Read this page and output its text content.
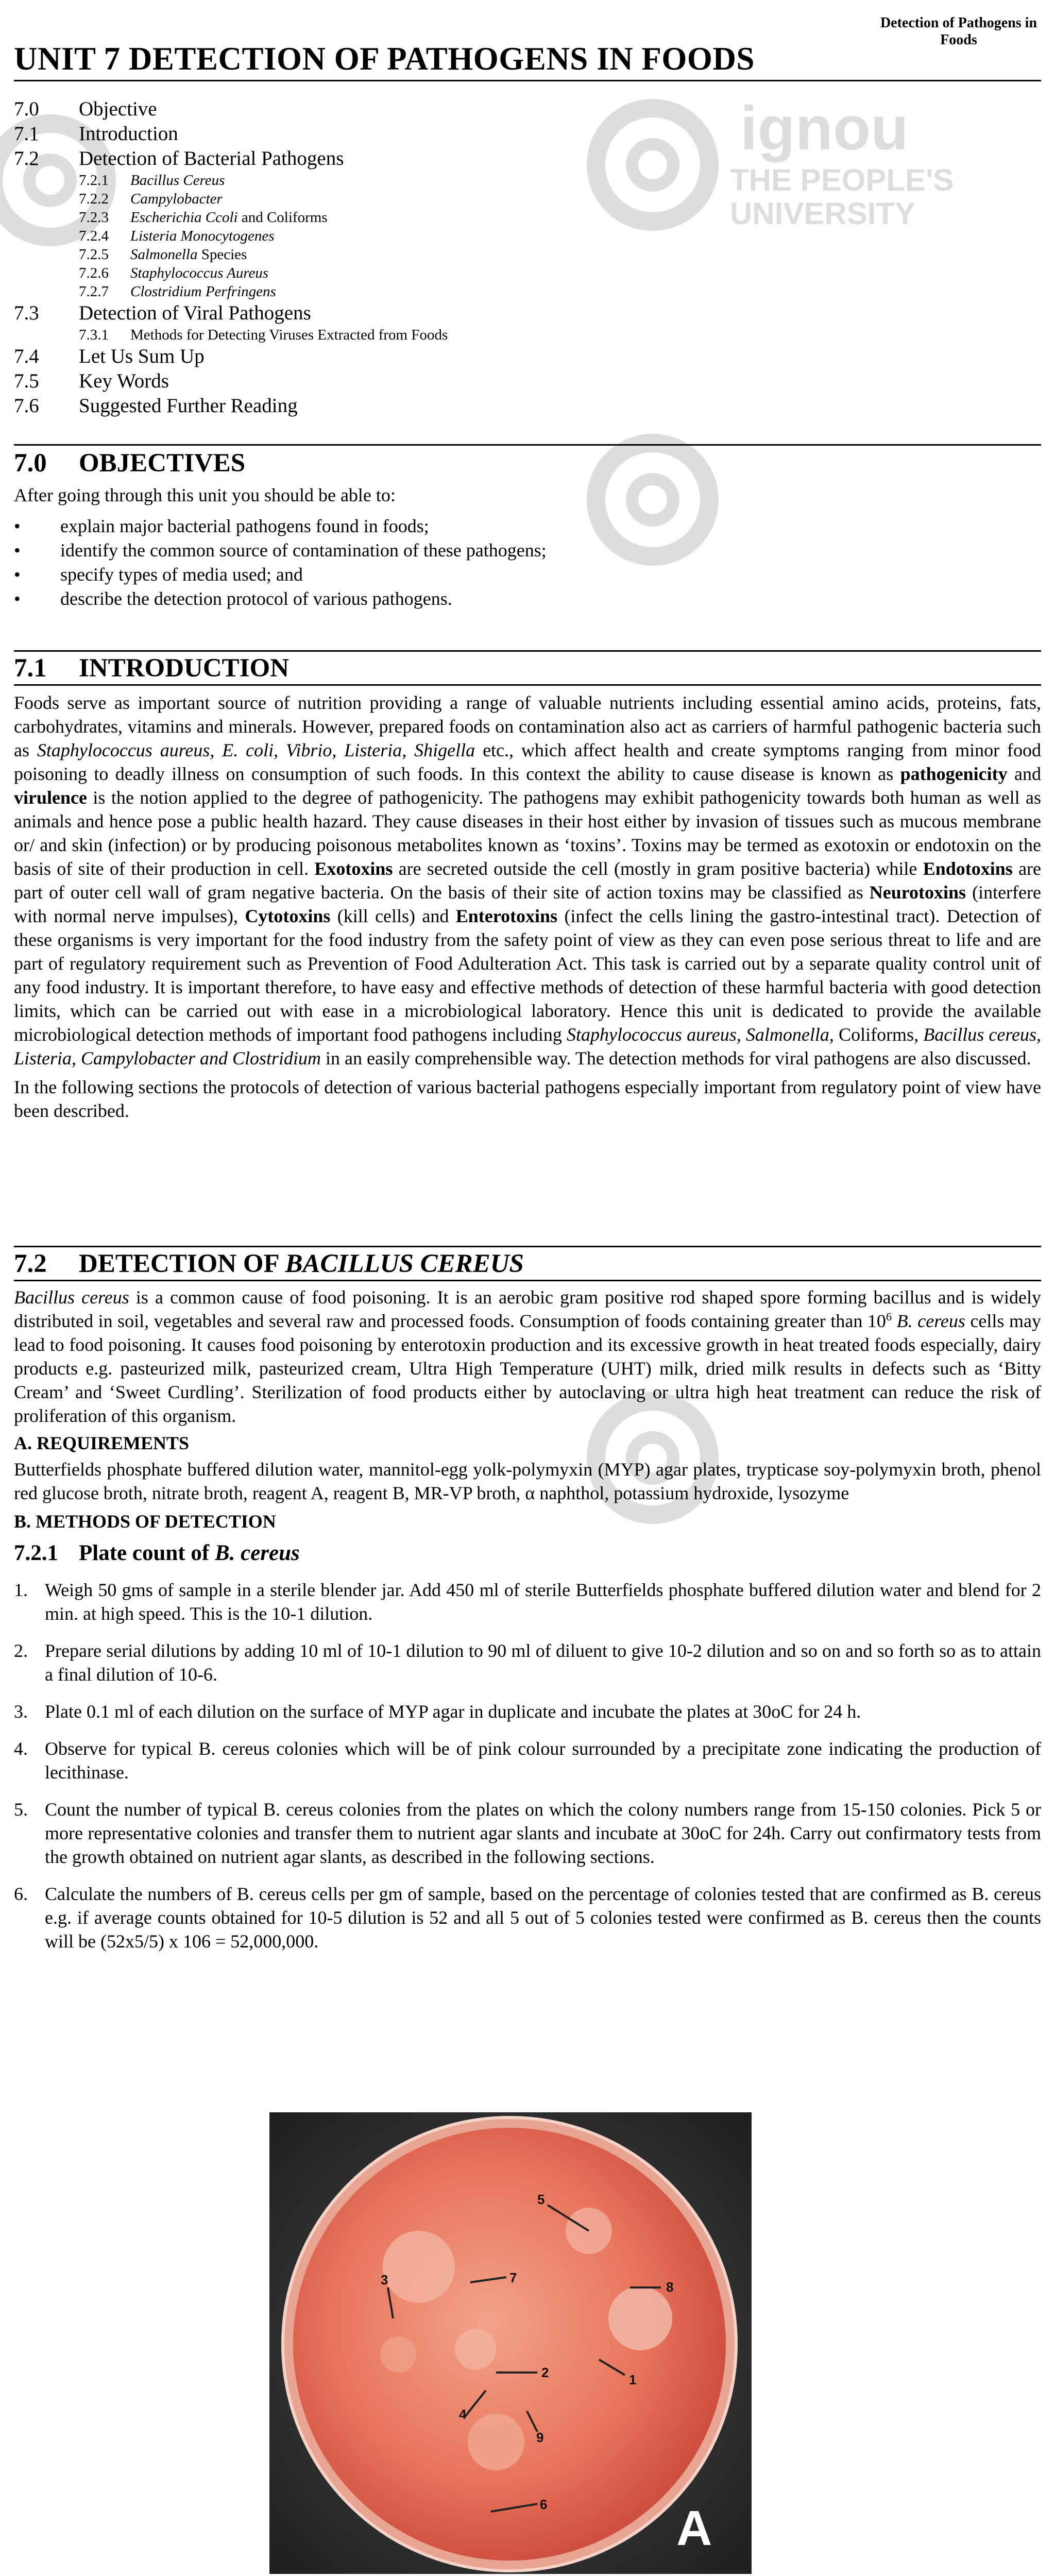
ignou
THE PEOPLE'S
UNIVERSITY
Detection of Pathogens in Foods
UNIT 7 DETECTION OF PATHOGENS IN FOODS
7.0	Objective
7.1	Introduction
7.2	Detection of Bacterial Pathogens
7.2.1	Bacillus Cereus
7.2.2	Campylobacter
7.2.3	Escherichia Ccoli and Coliforms
7.2.4	Listeria Monocytogenes
7.2.5	Salmonella Species
7.2.6	Staphylococcus Aureus
7.2.7	Clostridium Perfringens
7.3	Detection of Viral Pathogens
7.3.1	Methods for Detecting Viruses Extracted from Foods
7.4	Let Us Sum Up
7.5	Key Words
7.6	Suggested Further Reading
7.0 OBJECTIVES

After going through this unit you should be able to:

•	explain major bacterial pathogens found in foods;
•	identify the common source of contamination of these pathogens;
•	specify types of media used; and
•	describe the detection protocol of various pathogens.
7.1 INTRODUCTION

Foods serve as important source of nutrition providing a range of valuable nutrients including essential amino acids, proteins, fats, carbohydrates, vitamins and minerals. However, prepared foods on contamination also act as carriers of harmful pathogenic bacteria such as Staphylococcus aureus, E. coli, Vibrio, Listeria, Shigella etc., which affect health and create symptoms ranging from minor food poisoning to deadly illness on consumption of such foods. In this context the ability to cause disease is known as pathogenicity and virulence is the notion applied to the degree of pathogenicity. The pathogens may exhibit pathogenicity towards both human as well as animals and hence pose a public health hazard. They cause diseases in their host either by invasion of tissues such as mucous membrane or/ and skin (infection) or by producing poisonous metabolites known as ‘toxins’. Toxins may be termed as exotoxin or endotoxin on the basis of site of their production in cell. Exotoxins are secreted outside the cell (mostly in gram positive bacteria) while Endotoxins are part of outer cell wall of gram negative bacteria. On the basis of their site of action toxins may be classified as Neurotoxins (interfere with normal nerve impulses), Cytotoxins (kill cells) and Enterotoxins (infect the cells lining the gastro-intestinal tract). Detection of these organisms is very important for the food industry from the safety point of view as they can even pose serious threat to life and are part of regulatory requirement such as Prevention of Food Adulteration Act. This task is carried out by a separate quality control unit of any food industry. It is important therefore, to have easy and effective methods of detection of these harmful bacteria with good detection limits, which can be carried out with ease in a microbiological laboratory. Hence this unit is dedicated to provide the available microbiological detection methods of important food pathogens including Staphylococcus aureus, Salmonella, Coliforms, Bacillus cereus, Listeria, Campylobacter and Clostridium in an easily comprehensible way. The detection methods for viral pathogens are also discussed.

In the following sections the protocols of detection of various bacterial pathogens especially important from regulatory point of view have been described.

7.2 DETECTION OF BACILLUS CEREUS

Bacillus cereus is a common cause of food poisoning. It is an aerobic gram positive rod shaped spore forming bacillus and is widely distributed in soil, vegetables and several raw and processed foods. Consumption of foods containing greater than $10^6$ B. cereus cells may lead to food poisoning. It causes food poisoning by enterotoxin production and its excessive growth in heat treated foods especially, dairy products e.g. pasteurized milk, pasteurized cream, Ultra High Temperature (UHT) milk, dried milk results in defects such as ‘Bitty Cream’ and ‘Sweet Curdling’. Sterilization of food products either by autoclaving or ultra high heat treatment can reduce the risk of proliferation of this organism.

A. REQUIREMENTS

Butterfields phosphate buffered dilution water, mannitol-egg yolk-polymyxin (MYP) agar plates, trypticase soy-polymyxin broth, phenol red glucose broth, nitrate broth, reagent A, reagent B, MR-VP broth, α naphthol, potassium hydroxide, lysozyme

B. METHODS OF DETECTION
7.2.1 Plate count of B. cereus
1. Weigh 50 gms of sample in a sterile blender jar. Add 450 ml of sterile Butterfields phosphate buffered dilution water and blend for 2 min. at high speed. This is the 10-1 dilution.
2. Prepare serial dilutions by adding 10 ml of 10-1 dilution to 90 ml of diluent to give 10-2 dilution and so on and so forth so as to attain a final dilution of 10-6.
3. Plate 0.1 ml of each dilution on the surface of MYP agar in duplicate and incubate the plates at 30oC for 24 h.
4. Observe for typical B. cereus colonies which will be of pink colour surrounded by a precipitate zone indicating the production of lecithinase.
5. Count the number of typical B. cereus colonies from the plates on which the colony numbers range from 15-150 colonies. Pick 5 or more representative colonies and transfer them to nutrient agar slants and incubate at 30oC for 24h. Carry out confirmatory tests from the growth obtained on nutrient agar slants, as described in the following sections.
6. Calculate the numbers of B. cereus cells per gm of sample, based on the percentage of colonies tested that are confirmed as B. cereus e.g. if average counts obtained for 10-5 dilution is 52 and all 5 out of 5 colonies tested were confirmed as B. cereus then the counts will be (52x5/5) x 106 = 52,000,000.
5
8
1
2
7
4
3
9
6	A
